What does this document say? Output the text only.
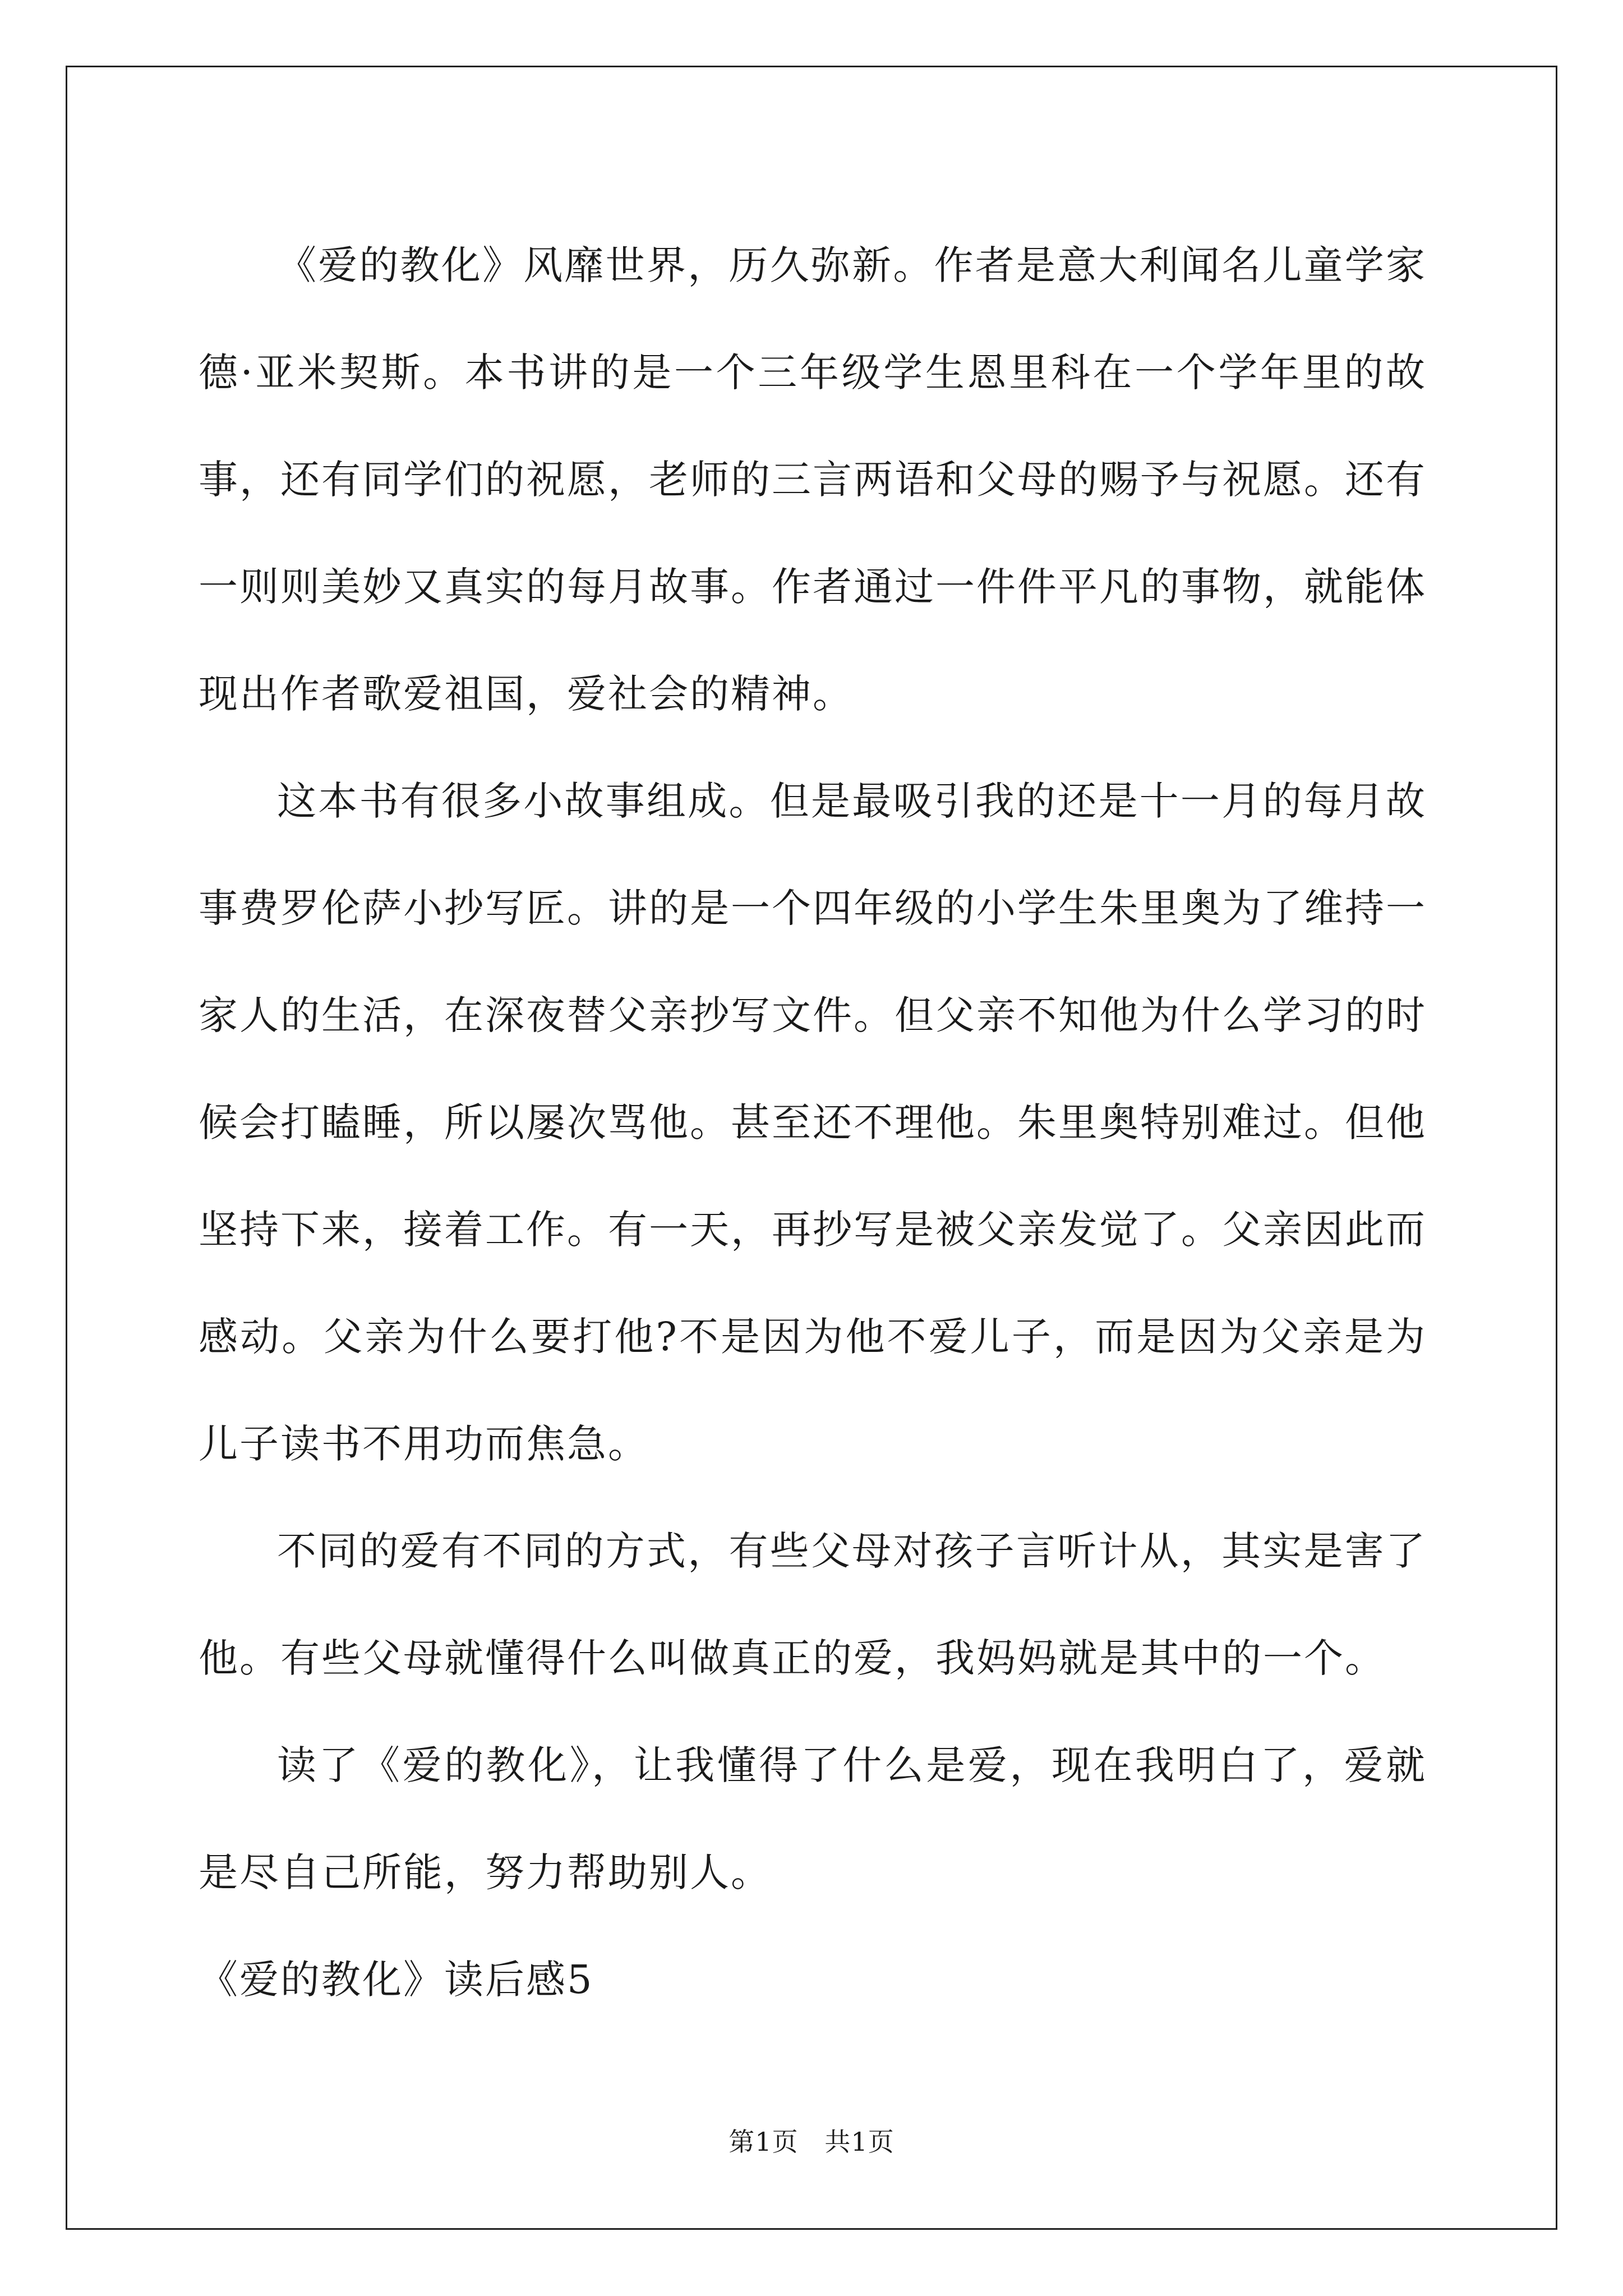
《爱的教化》风靡世界，历久弥新。作者是意大利闻名儿童学家德·亚米契斯。本书讲的是一个三年级学生恩里科在一个学年里的故事，还有同学们的祝愿，老师的三言两语和父母的赐予与祝愿。还有一则则美妙又真实的每月故事。作者通过一件件平凡的事物，就能体现出作者歌爱祖国，爱社会的精神。

这本书有很多小故事组成。但是最吸引我的还是十一月的每月故事费罗伦萨小抄写匠。讲的是一个四年级的小学生朱里奥为了维持一家人的生活，在深夜替父亲抄写文件。但父亲不知他为什么学习的时候会打瞌睡，所以屡次骂他。甚至还不理他。朱里奥特别难过。但他坚持下来，接着工作。有一天，再抄写是被父亲发觉了。父亲因此而感动。父亲为什么要打他?不是因为他不爱儿子，而是因为父亲是为儿子读书不用功而焦急。

不同的爱有不同的方式，有些父母对孩子言听计从，其实是害了他。有些父母就懂得什么叫做真正的爱，我妈妈就是其中的一个。

读了《爱的教化》，让我懂得了什么是爱，现在我明白了，爱就是尽自己所能，努力帮助别人。

《爱的教化》读后感5

第1页   共1页
